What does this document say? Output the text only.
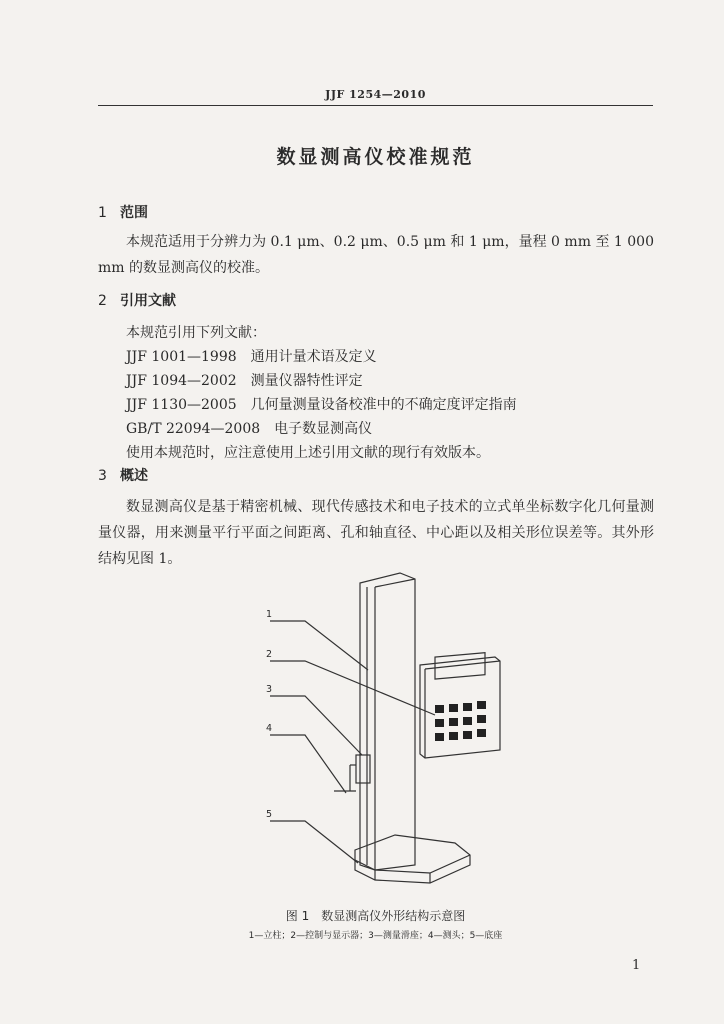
JJF 1254—2010
数显测高仪校准规范
1 范围
本规范适用于分辨力为 0.1 μm、0.2 μm、0.5 μm 和 1 μm，量程 0 mm 至 1 000 mm 的数显测高仪的校准。
2 引用文献
本规范引用下列文献：
JJF 1001—1998　通用计量术语及定义
JJF 1094—2002　测量仪器特性评定
JJF 1130—2005　几何量测量设备校准中的不确定度评定指南
GB/T 22094—2008　电子数显测高仪
使用本规范时，应注意使用上述引用文献的现行有效版本。
3 概述
数显测高仪是基于精密机械、现代传感技术和电子技术的立式单坐标数字化几何量测量仪器，用来测量平行平面之间距离、孔和轴直径、中心距以及相关形位误差等。其外形结构见图 1。
1
2
3
4
5
图 1　数显测高仪外形结构示意图
1—立柱；2—控制与显示器；3—测量滑座；4—测头；5—底座
1
